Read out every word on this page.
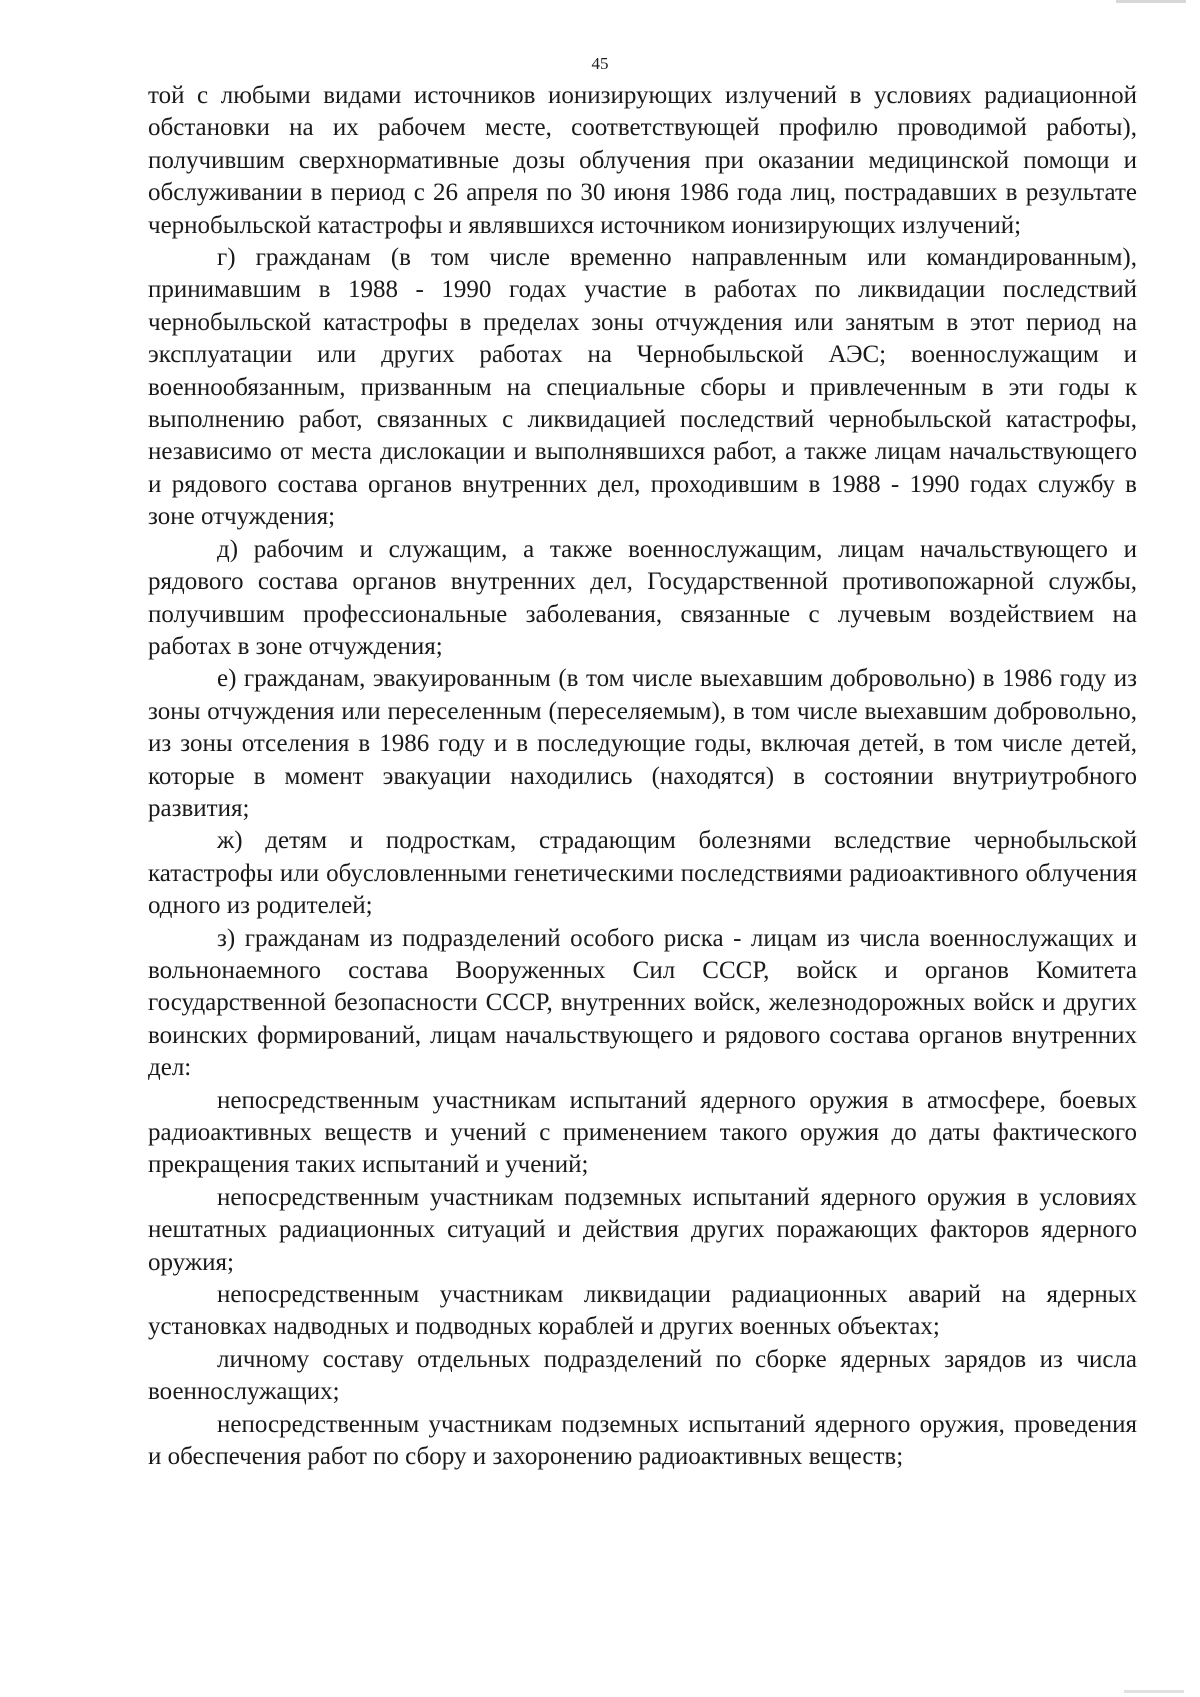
45

той с любыми видами источников ионизирующих излучений в условиях радиационной обстановки на их рабочем месте, соответствующей профилю проводимой работы), получившим сверхнормативные дозы облучения при оказании медицинской помощи и обслуживании в период с 26 апреля по 30 июня 1986 года лиц, пострадавших в результате чернобыльской катастрофы и являвшихся источником ионизирующих излучений;

г) гражданам (в том числе временно направленным или командированным), принимавшим в 1988 - 1990 годах участие в работах по ликвидации последствий чернобыльской катастрофы в пределах зоны отчуждения или занятым в этот период на эксплуатации или других работах на Чернобыльской АЭС; военнослужащим и военнообязанным, призванным на специальные сборы и привлеченным в эти годы к выполнению работ, связанных с ликвидацией последствий чернобыльской катастрофы, независимо от места дислокации и выполнявшихся работ, а также лицам начальствующего и рядового состава органов внутренних дел, проходившим в 1988 - 1990 годах службу в зоне отчуждения;

д) рабочим и служащим, а также военнослужащим, лицам начальствующего и рядового состава органов внутренних дел, Государственной противопожарной службы, получившим профессиональные заболевания, связанные с лучевым воздействием на работах в зоне отчуждения;

е) гражданам, эвакуированным (в том числе выехавшим добровольно) в 1986 году из зоны отчуждения или переселенным (переселяемым), в том числе выехавшим добровольно, из зоны отселения в 1986 году и в последующие годы, включая детей, в том числе детей, которые в момент эвакуации находились (находятся) в состоянии внутриутробного развития;

ж) детям и подросткам, страдающим болезнями вследствие чернобыльской катастрофы или обусловленными генетическими последствиями радиоактивного облучения одного из родителей;

з) гражданам из подразделений особого риска - лицам из числа военнослужащих и вольнонаемного состава Вооруженных Сил СССР, войск и органов Комитета государственной безопасности СССР, внутренних войск, железнодорожных войск и других воинских формирований, лицам начальствующего и рядового состава органов внутренних дел:

непосредственным участникам испытаний ядерного оружия в атмосфере, боевых радиоактивных веществ и учений с применением такого оружия до даты фактического прекращения таких испытаний и учений;

непосредственным участникам подземных испытаний ядерного оружия в условиях нештатных радиационных ситуаций и действия других поражающих факторов ядерного оружия;

непосредственным участникам ликвидации радиационных аварий на ядерных установках надводных и подводных кораблей и других военных объектах;

личному составу отдельных подразделений по сборке ядерных зарядов из числа военнослужащих;

непосредственным участникам подземных испытаний ядерного оружия, проведения и обеспечения работ по сбору и захоронению радиоактивных веществ;
